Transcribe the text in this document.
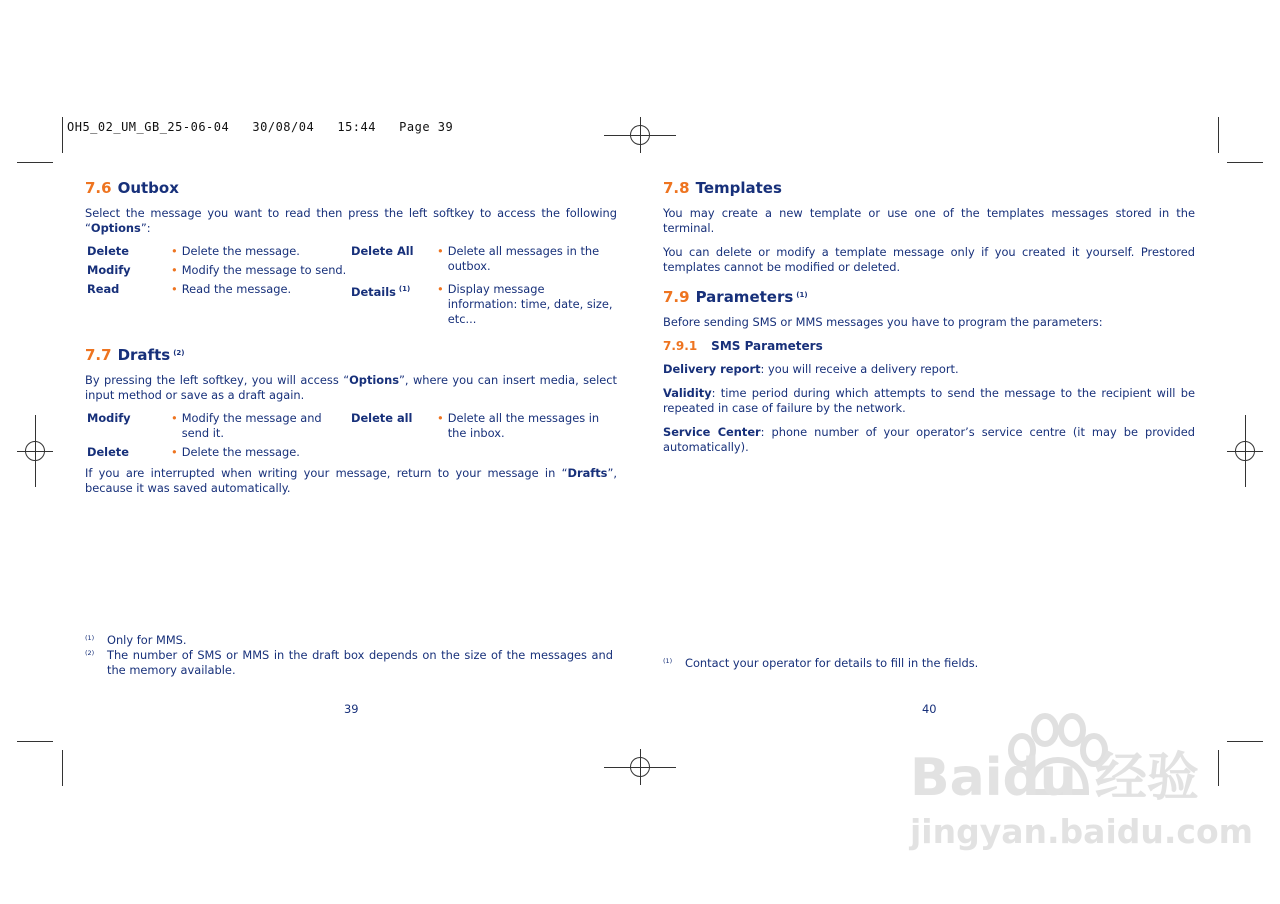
OH5_02_UM_GB_25-06-04   30/08/04   15:44   Page 39
7.6 Outbox
Select the message you want to read then press the left softkey to access the following “Options”:
Delete	• Delete the message.	Delete All	• Delete all messages in the outbox.

Modify	• Modify the message to send.		

Read	• Read the message.	Details $^{(1)}$	• Display message information: time, date, size, etc...
7.7 Drafts $^{(2)}$
By pressing the left softkey, you will access “Options”, where you can insert media, select input method or save as a draft again.
Modify	• Modify the message and send it.	Delete all	• Delete all the messages in the inbox.

Delete	• Delete the message.		

If you are interrupted when writing your message, return to your message in “Drafts”, because it was saved automatically.
(1)	Only for MMS.
(2)	The number of SMS or MMS in the draft box depends on the size of the messages and the memory available.
39
7.8 Templates
You may create a new template or use one of the templates messages stored in the terminal.
You can delete or modify a template message only if you created it yourself. Prestored templates cannot be modified or deleted.
7.9 Parameters $^{(1)}$
Before sending SMS or MMS messages you have to program the parameters:
7.9.1 SMS Parameters
Delivery report: you will receive a delivery report.
Validity: time period during which attempts to send the message to the recipient will be repeated in case of failure by the network.
Service Center: phone number of your operator’s service centre (it may be provided automatically).
(1)	Contact your operator for details to fill in the fields.
40
Baidu 经验
jingyan.baidu.com
